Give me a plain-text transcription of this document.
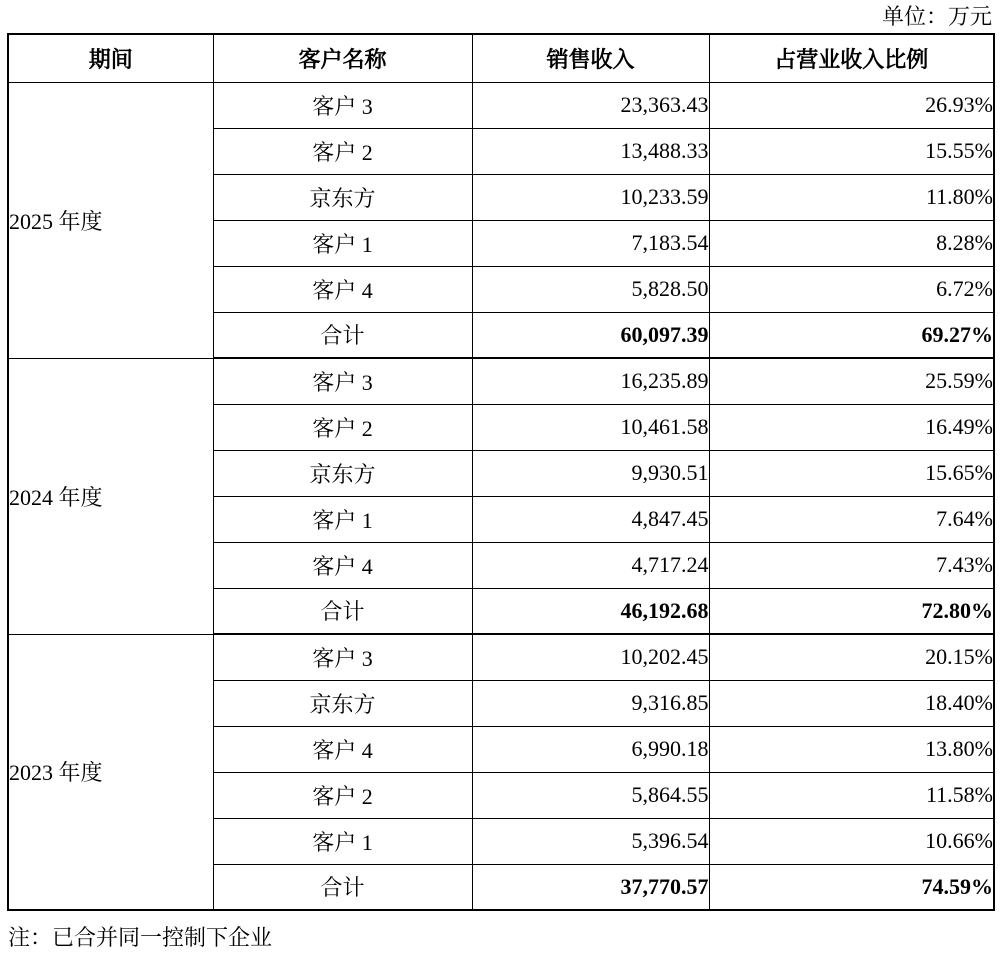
单位：万元
期间	客户名称	销售收入	占营业收入比例
2025 年度	客户 3	23,363.43	26.93%
	客户 2	13,488.33	15.55%
	京东方	10,233.59	11.80%
	客户 1	7,183.54	8.28%
	客户 4	5,828.50	6.72%
	合计	60,097.39	69.27%
2024 年度	客户 3	16,235.89	25.59%
	客户 2	10,461.58	16.49%
	京东方	9,930.51	15.65%
	客户 1	4,847.45	7.64%
	客户 4	4,717.24	7.43%
	合计	46,192.68	72.80%
2023 年度	客户 3	10,202.45	20.15%
	京东方	9,316.85	18.40%
	客户 4	6,990.18	13.80%
	客户 2	5,864.55	11.58%
	客户 1	5,396.54	10.66%
	合计	37,770.57	74.59%
注：已合并同一控制下企业
